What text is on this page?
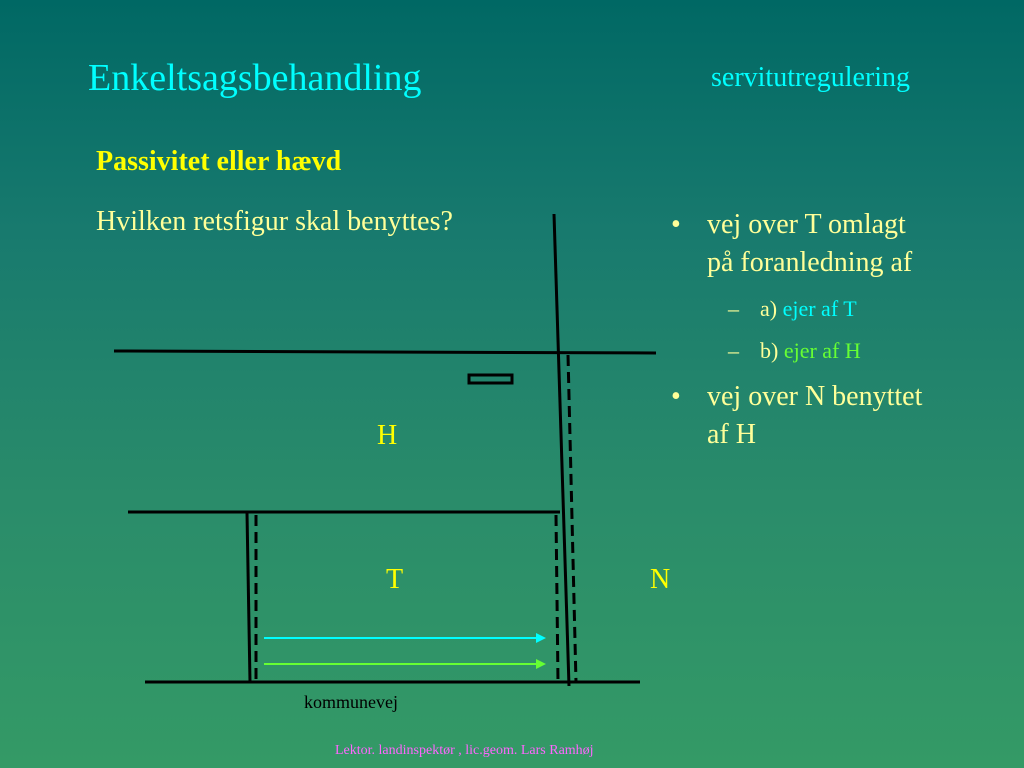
Enkeltsagsbehandling	servitutregulering
Passivitet eller hævd
Hvilken retsfigur skal benyttes?
H
T	N
kommunevej
• vej over T omlagt
på foranledning af
– a) ejer af T
– b) ejer af H
• vej over N benyttet
af H
Lektor. landinspektør , lic.geom. Lars Ramhøj
